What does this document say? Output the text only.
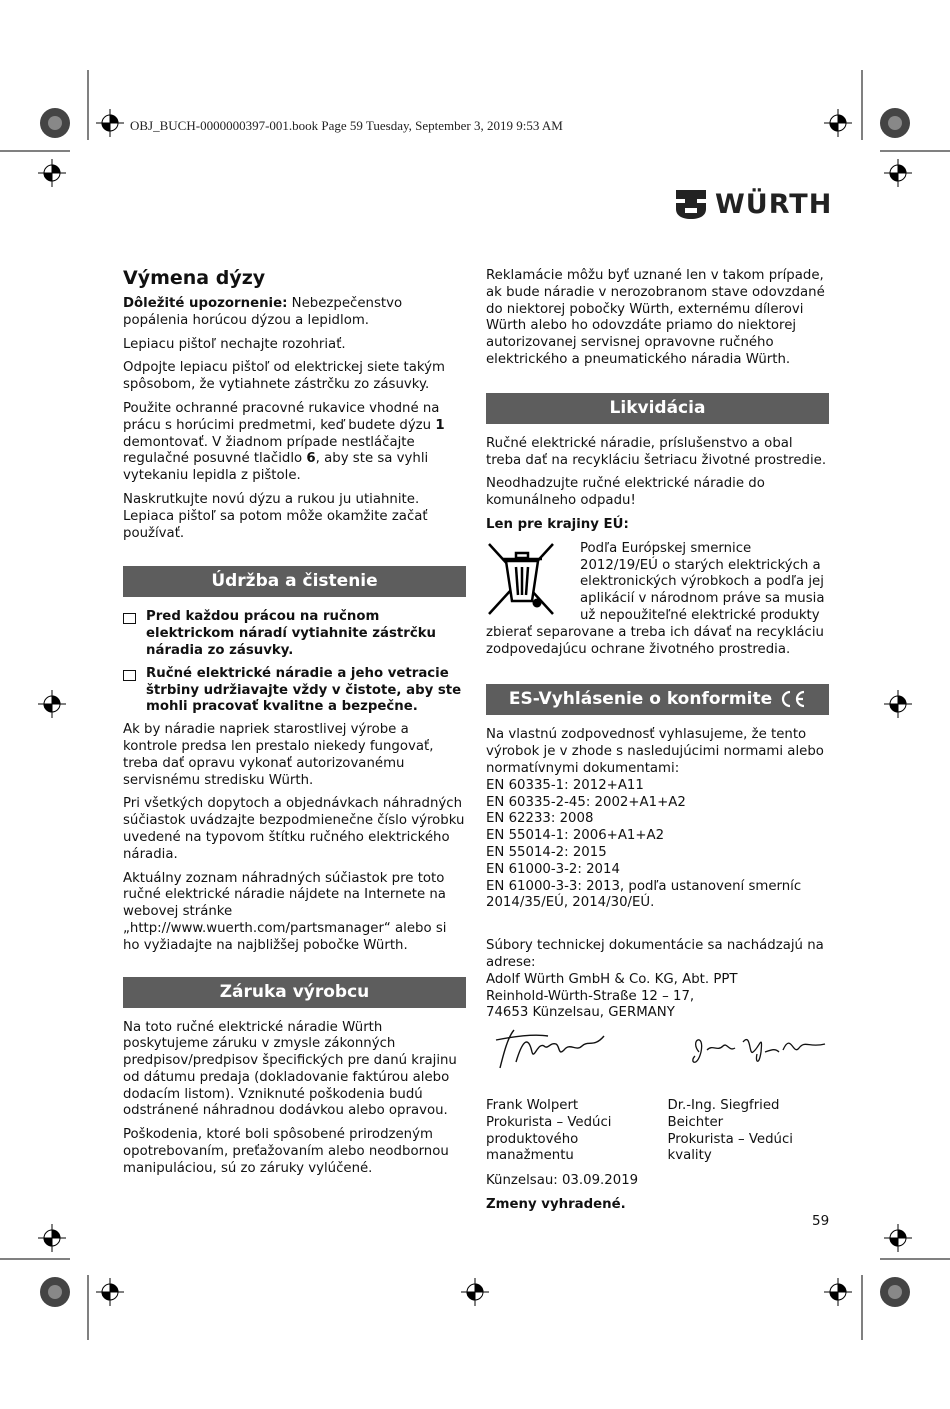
OBJ_BUCH-0000000397-001.book Page 59 Tuesday, September 3, 2019 9:53 AM
WÜRTH
Výmena dýzy

Dôležité upozornenie: Nebezpečenstvo popálenia horúcou dýzou a lepidlom.

Lepiacu pištoľ nechajte rozohriať.

Odpojte lepiacu pištoľ od elektrickej siete takým spôsobom, že vytiahnete zástrčku zo zásuvky.

Použite ochranné pracovné rukavice vhodné na prácu s horúcimi predmetmi, keď budete dýzu 1 demontovať. V žiadnom prípade nestláčajte regulačné posuvné tlačidlo 6, aby ste sa vyhli vytekaniu lepidla z pištole.

Naskrutkujte novú dýzu a rukou ju utiahnite. Lepiaca pištoľ sa potom môže okamžite začať používať.

Údržba a čistenie
Pred každou prácou na ručnom elektrickom náradí vytiahnite zástrčku náradia zo zásuvky.
Ručné elektrické náradie a jeho vetracie štrbiny udržiavajte vždy v čistote, aby ste mohli pracovať kvalitne a bezpečne.

Ak by náradie napriek starostlivej výrobe a kontrole predsa len prestalo niekedy fungovať, treba dať opravu vykonať autorizovanému servisnému stredisku Würth.

Pri všetkých dopytoch a objednávkach náhradných súčiastok uvádzajte bezpodmienečne číslo výrobku uvedené na typovom štítku ručného elektrického náradia.

Aktuálny zoznam náhradných súčiastok pre toto ručné elektrické náradie nájdete na Internete na webovej stránke „http://www.wuerth.com/partsmanager“ alebo si ho vyžiadajte na najbližšej pobočke Würth.

Záruka výrobcu

Na toto ručné elektrické náradie Würth poskytujeme záruku v zmysle zákonných predpisov/predpisov špecifických pre danú krajinu od dátumu predaja (dokladovanie faktúrou alebo dodacím listom). Vzniknuté poškodenia budú odstránené náhradnou dodávkou alebo opravou.

Poškodenia, ktoré boli spôsobené prirodzeným opotrebovaním, preťažovaním alebo neodbornou manipuláciou, sú zo záruky vylúčené.

Reklamácie môžu byť uznané len v takom prípade, ak bude náradie v nerozobranom stave odovzdané do niektorej pobočky Würth, externému dílerovi Würth alebo ho odovzdáte priamo do niektorej autorizovanej servisnej opravovne ručného elektrického a pneumatického náradia Würth.

Likvidácia

Ručné elektrické náradie, príslušenstvo a obal treba dať na recykláciu šetriacu životné prostredie.

Neodhadzujte ručné elektrické náradie do komunálneho odpadu!

Len pre krajiny EÚ:

Podľa Európskej smernice 2012/19/EÚ o starých elektrických a elektronických výrobkoch a podľa jej aplikácií v národnom práve sa musia už nepoužiteľné elektrické produkty

zbierať separovane a treba ich dávať na recykláciu zodpovedajúcu ochrane životného prostredia.

ES-Vyhlásenie o konformite

Na vlastnú zodpovednosť vyhlasujeme, že tento výrobok je v zhode s nasledujúcimi normami alebo normatívnymi dokumentami:

EN 60335-1: 2012+A11
EN 60335-2-45: 2002+A1+A2
EN 62233: 2008
EN 55014-1: 2006+A1+A2
EN 55014-2: 2015
EN 61000-3-2: 2014
EN 61000-3-3: 2013, podľa ustanovení smerníc 2014/35/EÚ, 2014/30/EÚ.
Súbory technickej dokumentácie sa nachádzajú na adrese:
Adolf Würth GmbH & Co. KG, Abt. PPT
Reinhold-Würth-Straße 12 – 17,
74653 Künzelsau, GERMANY
Frank Wolpert
Prokurista – Vedúci
produktového manažmentu
Dr.-Ing. Siegfried Beichter
Prokurista – Vedúci
kvality

Künzelsau: 03.09.2019

Zmeny vyhradené.

59
